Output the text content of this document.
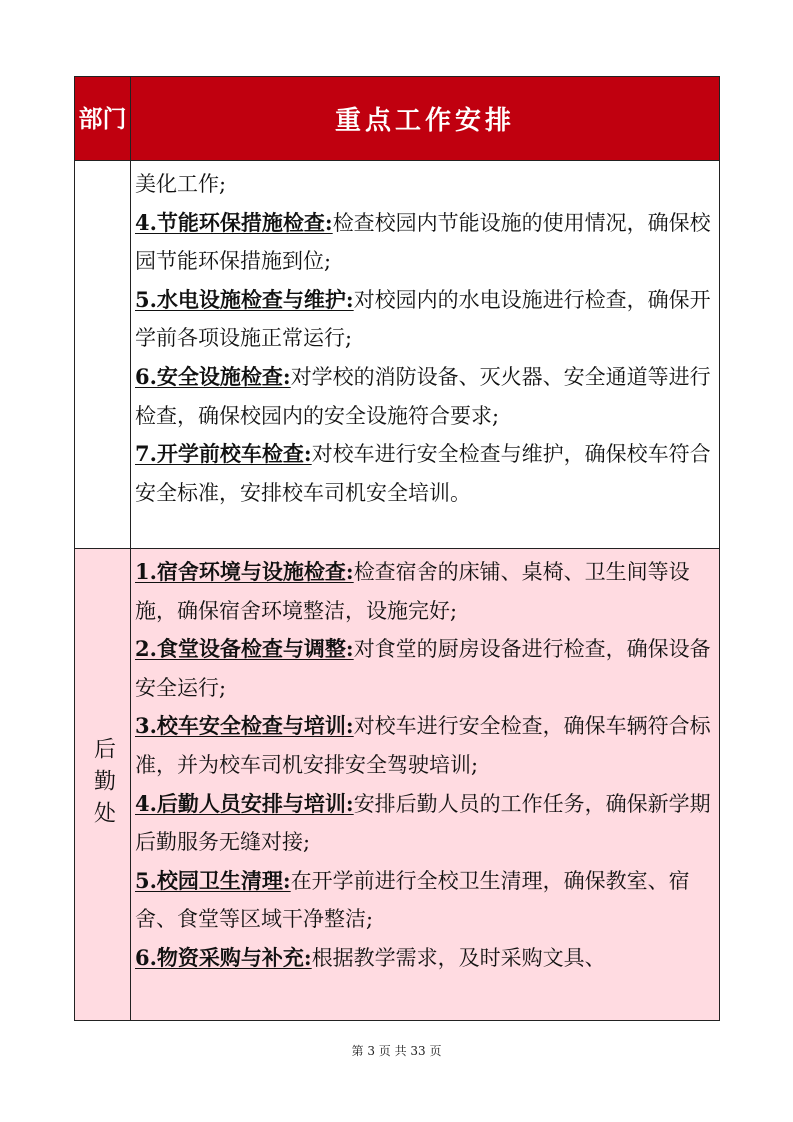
部门	重点工作安排
美化工作;
4.节能环保措施检查:检查校园内节能设施的使用情况，确保校园节能环保措施到位;
5.水电设施检查与维护:对校园内的水电设施进行检查，确保开学前各项设施正常运行;
6.安全设施检查:对学校的消防设备、灭火器、安全通道等进行检查，确保校园内的安全设施符合要求;
7.开学前校车检查:对校车进行安全检查与维护，确保校车符合安全标准，安排校车司机安全培训。
后勤处
1.宿舍环境与设施检查:检查宿舍的床铺、桌椅、卫生间等设施，确保宿舍环境整洁，设施完好;
2.食堂设备检查与调整:对食堂的厨房设备进行检查，确保设备安全运行;
3.校车安全检查与培训:对校车进行安全检查，确保车辆符合标准，并为校车司机安排安全驾驶培训;
4.后勤人员安排与培训:安排后勤人员的工作任务，确保新学期后勤服务无缝对接;
5.校园卫生清理:在开学前进行全校卫生清理，确保教室、宿舍、食堂等区域干净整洁;
6.物资采购与补充:根据教学需求，及时采购文具、
第 3 页 共 33 页
